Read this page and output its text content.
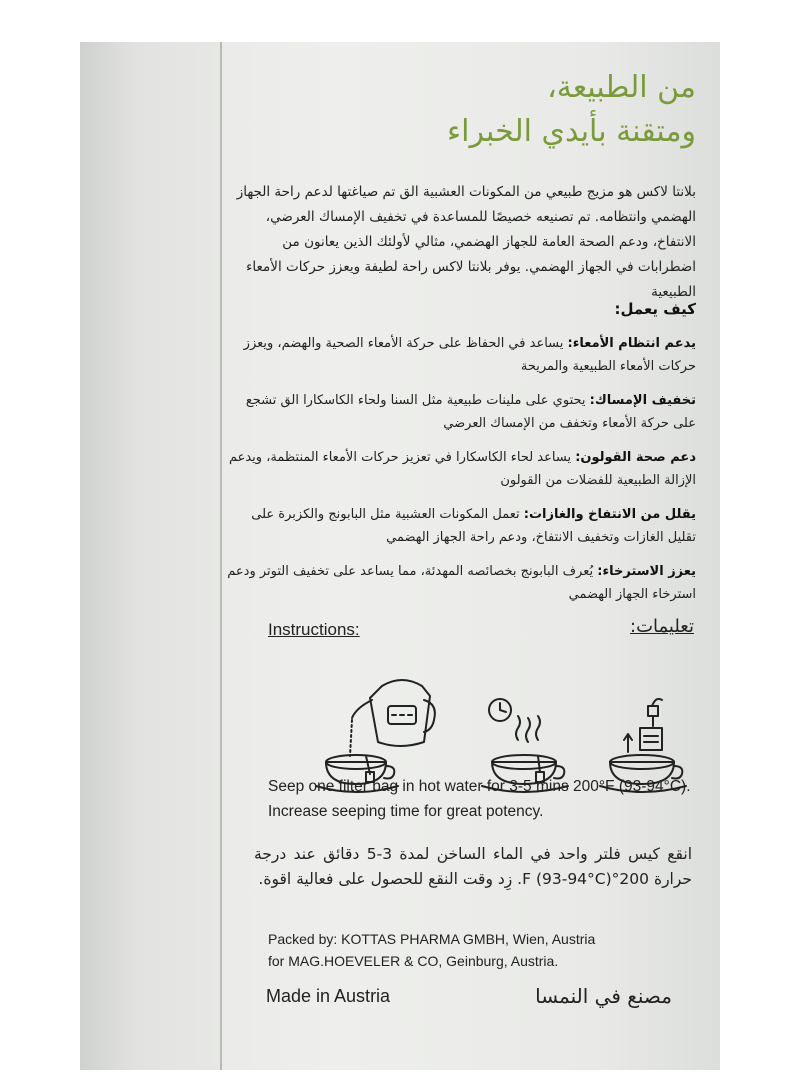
من الطبيعة،
ومتقنة بأيدي الخبراء
بلانتا لاكس هو مزيج طبيعي من المكونات العشبية الق تم صياغتها لدعم راحة الجهاز الهضمي وانتظامه. تم تصنيعه خصيصًا للمساعدة في تخفيف الإمساك العرضي، الانتفاخ، ودعم الصحة العامة للجهاز الهضمي، مثالي لأولئك الذين يعانون من اضطرابات في الجهاز الهضمي. يوفر بلانتا لاكس راحة لطيفة ويعزز حركات الأمعاء الطبيعية
كيف يعمل:
يدعم انتظام الأمعاء: يساعد في الحفاظ على حركة الأمعاء الصحية والهضم، ويعزز حركات الأمعاء الطبيعية والمريحة
تخفيف الإمساك: يحتوي على ملينات طبيعية مثل السنا ولحاء الكاسكارا الق تشجع على حركة الأمعاء وتخفف من الإمساك العرضي
دعم صحة القولون: يساعد لحاء الكاسكارا في تعزيز حركات الأمعاء المنتظمة، ويدعم الإزالة الطبيعية للفضلات من القولون
يقلل من الانتفاخ والغازات: تعمل المكونات العشبية مثل البابونج والكزبرة على تقليل الغازات وتخفيف الانتفاخ، ودعم راحة الجهاز الهضمي
يعزز الاسترخاء: يُعرف البابونج بخصائصه المهدئة، مما يساعد على تخفيف التوتر ودعم استرخاء الجهاز الهضمي
Instructions:	تعليمات:
Seep one filter bag in hot water for 3-5 mins 200°F (93-94°C). Increase seeping time for great potency.
انقع كيس فلتر واحد في الماء الساخن لمدة 3-5 دقائق عند درجة حرارة 200°F (93-94°C). زِد وقت النقع للحصول على فعالية اقوة.
Packed by: KOTTAS PHARMA GMBH, Wien, Austria
for MAG.HOEVELER & CO, Geinburg, Austria.
Made in Austria	مصنع في النمسا
